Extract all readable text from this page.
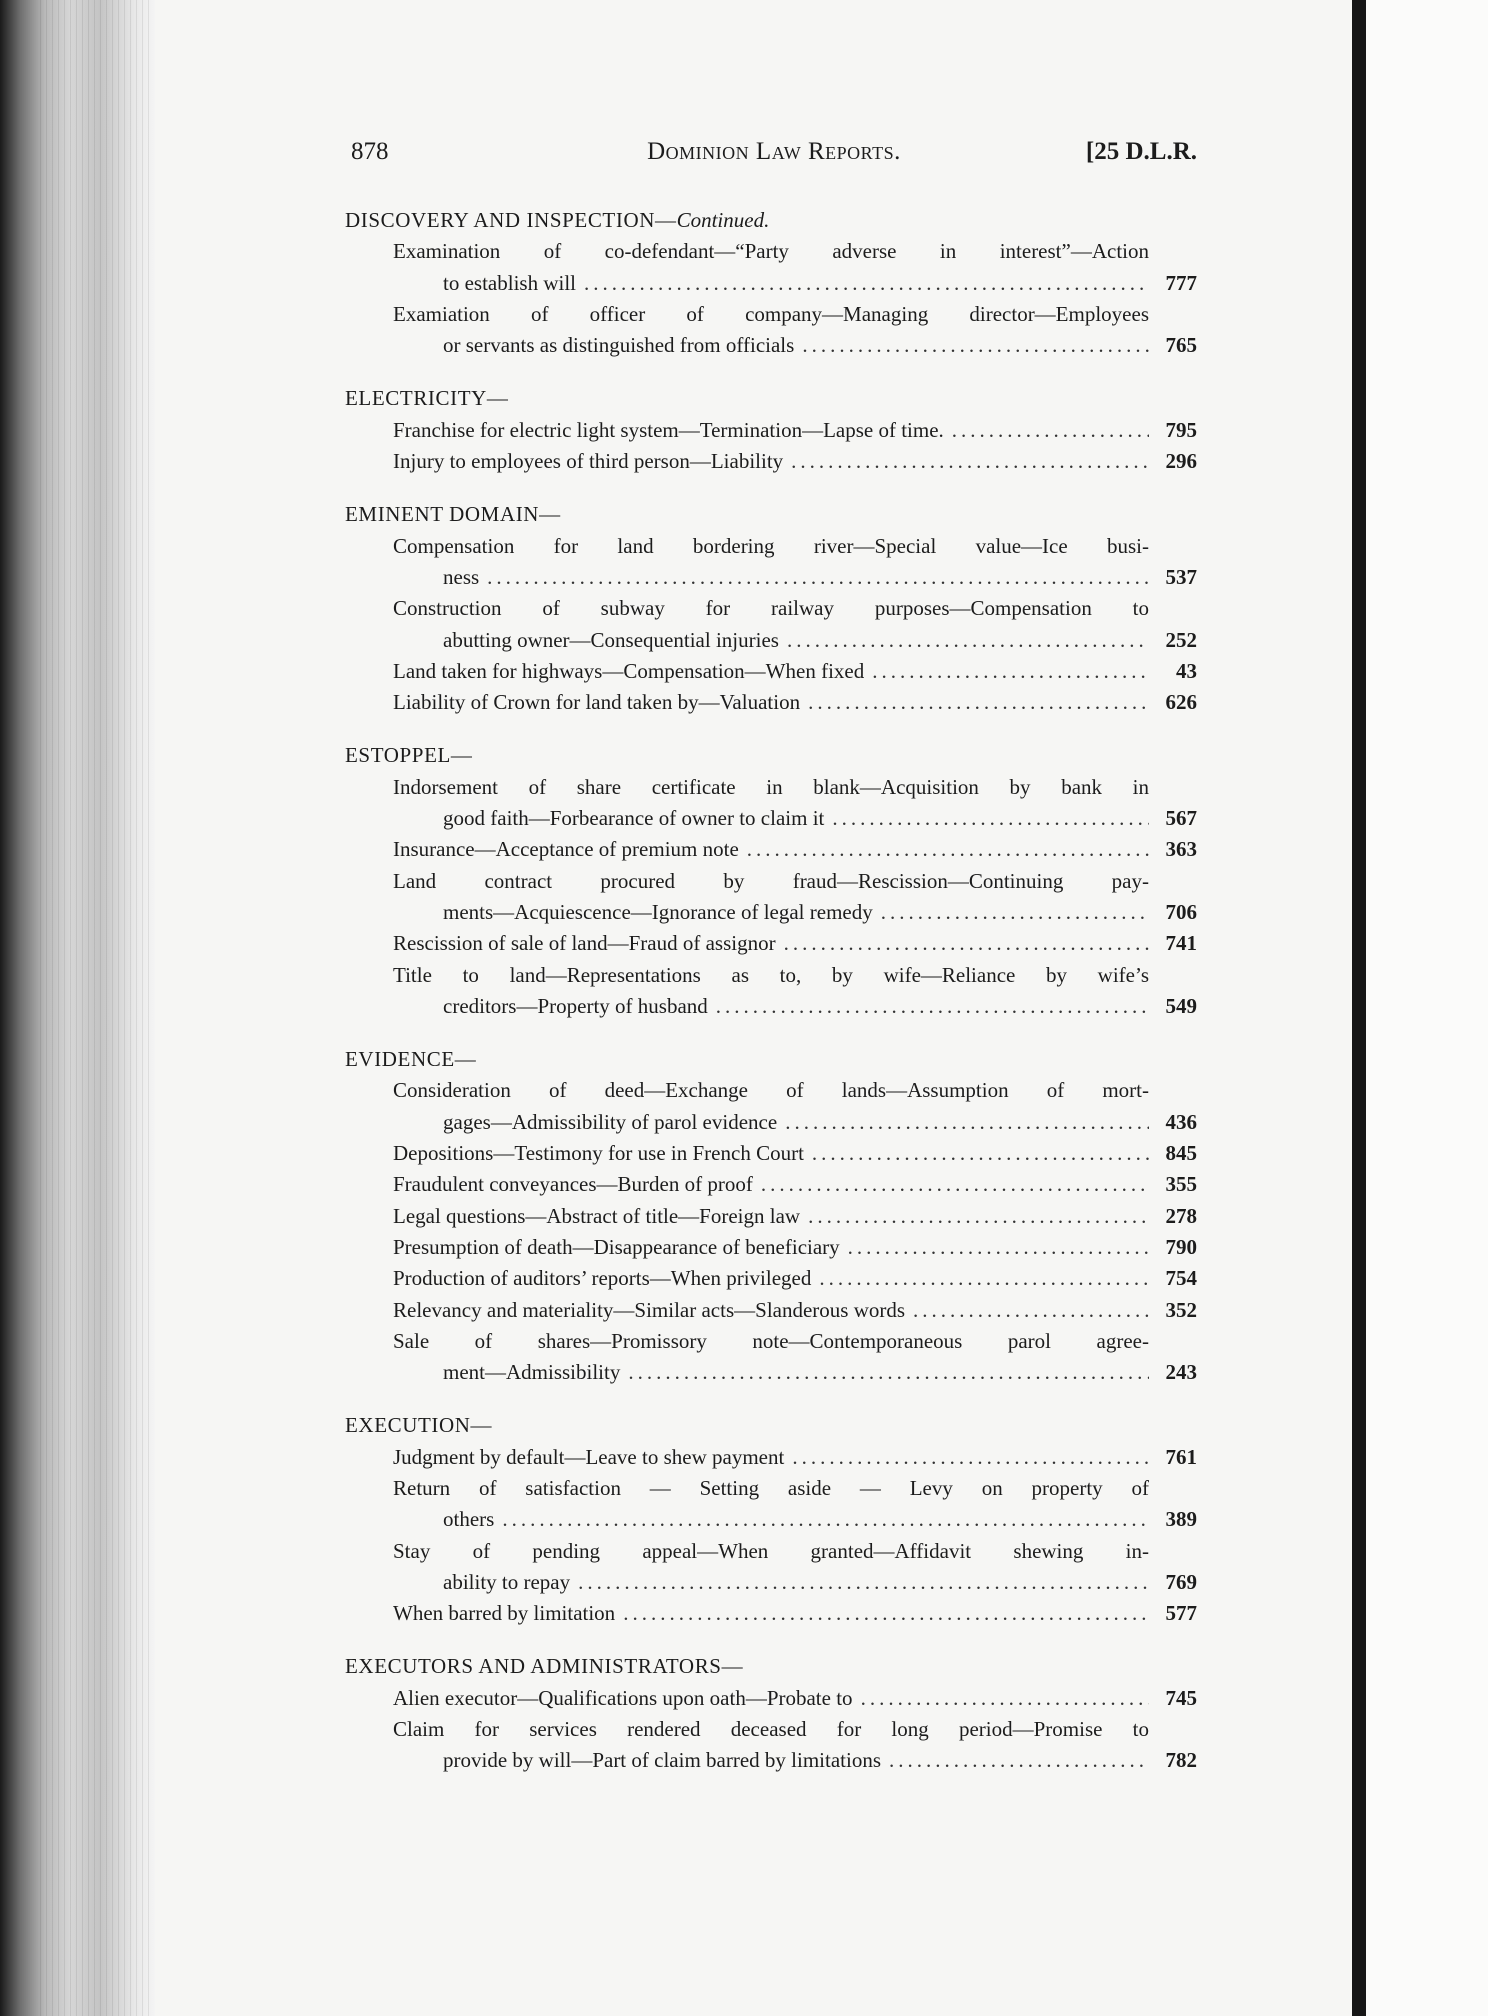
878	Dominion Law Reports.	[25 D.L.R.
DISCOVERY AND INSPECTION—Continued.
Examination of co-defendant—“Party adverse in interest”—Action
to establish will .....	777
Examiation of officer of company—Managing director—Employees
or servants as distinguished from officials .....	765
ELECTRICITY—
Franchise for electric light system—Termination—Lapse of time. .....	795
Injury to employees of third person—Liability .....	296
EMINENT DOMAIN—
Compensation for land bordering river—Special value—Ice busi-
ness .....	537
Construction of subway for railway purposes—Compensation to
abutting owner—Consequential injuries .....	252
Land taken for highways—Compensation—When fixed .....	43
Liability of Crown for land taken by—Valuation .....	626
ESTOPPEL—
Indorsement of share certificate in blank—Acquisition by bank in
good faith—Forbearance of owner to claim it .....	567
Insurance—Acceptance of premium note .....	363
Land contract procured by fraud—Rescission—Continuing pay-
ments—Acquiescence—Ignorance of legal remedy .....	706
Rescission of sale of land—Fraud of assignor .....	741
Title to land—Representations as to, by wife—Reliance by wife’s
creditors—Property of husband .....	549
EVIDENCE—
Consideration of deed—Exchange of lands—Assumption of mort-
gages—Admissibility of parol evidence .....	436
Depositions—Testimony for use in French Court .....	845
Fraudulent conveyances—Burden of proof .....	355
Legal questions—Abstract of title—Foreign law .....	278
Presumption of death—Disappearance of beneficiary .....	790
Production of auditors’ reports—When privileged .....	754
Relevancy and materiality—Similar acts—Slanderous words .....	352
Sale of shares—Promissory note—Contemporaneous parol agree-
ment—Admissibility .....	243
EXECUTION—
Judgment by default—Leave to shew payment .....	761
Return of satisfaction — Setting aside — Levy on property of
others .....	389
Stay of pending appeal—When granted—Affidavit shewing in-
ability to repay .....	769
When barred by limitation .....	577
EXECUTORS AND ADMINISTRATORS—
Alien executor—Qualifications upon oath—Probate to .....	745
Claim for services rendered deceased for long period—Promise to
provide by will—Part of claim barred by limitations .....	782
